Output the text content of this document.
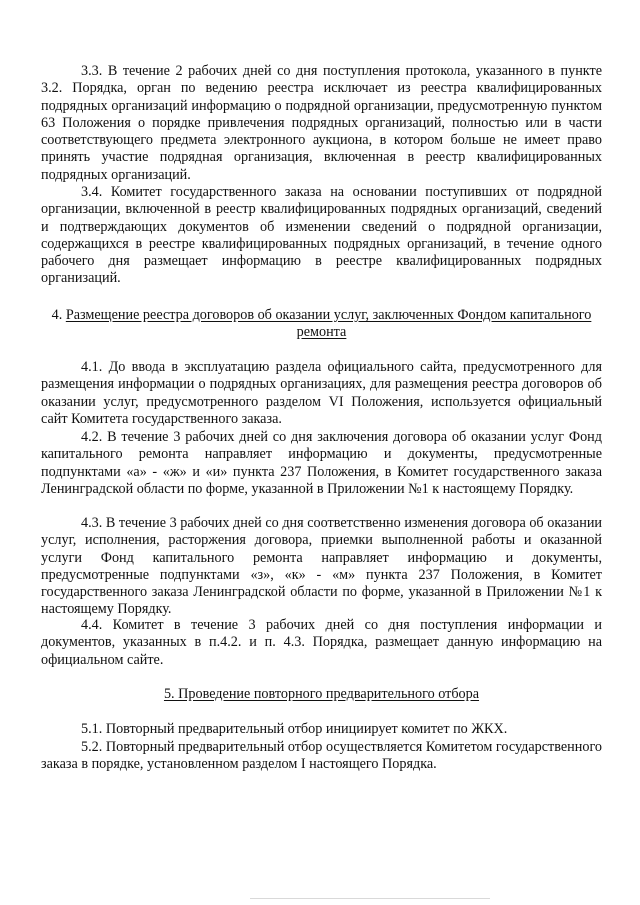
3.3. В течение 2 рабочих дней со дня поступления протокола, указанного в пункте 3.2. Порядка, орган по ведению реестра исключает из реестра квалифицированных подрядных организаций информацию о подрядной организации, предусмотренную пунктом 63 Положения о порядке привлечения подрядных организаций, полностью или в части соответствующего предмета электронного аукциона, в котором больше не имеет право принять участие подрядная организация, включенная в реестр квалифицированных подрядных организаций.

3.4. Комитет государственного заказа на основании поступивших от подрядной организации, включенной в реестр квалифицированных подрядных организаций, сведений и подтверждающих документов об изменении сведений о подрядной организации, содержащихся в реестре квалифицированных подрядных организаций, в течение одного рабочего дня размещает информацию в реестре квалифицированных подрядных организаций.

4. Размещение реестра договоров об оказании услуг, заключенных Фондом капитального ремонта

4.1. До ввода в эксплуатацию раздела официального сайта, предусмотренного для размещения информации о подрядных организациях, для размещения реестра договоров об оказании услуг, предусмотренного разделом VI Положения, используется официальный сайт Комитета государственного заказа.

4.2. В течение 3 рабочих дней со дня заключения договора об оказании услуг Фонд капитального ремонта направляет информацию и документы, предусмотренные подпунктами «а» - «ж» и «и» пункта 237 Положения, в Комитет государственного заказа Ленинградской области по форме, указанной в Приложении №1 к настоящему Порядку.

4.3. В течение 3 рабочих дней со дня соответственно изменения договора об оказании услуг, исполнения, расторжения договора, приемки выполненной работы и оказанной услуги Фонд капитального ремонта направляет информацию и документы, предусмотренные подпунктами «з», «к» - «м» пункта 237 Положения, в Комитет государственного заказа Ленинградской области по форме, указанной в Приложении №1 к настоящему Порядку.

4.4. Комитет в течение 3 рабочих дней со дня поступления информации и документов, указанных в п.4.2. и п. 4.3. Порядка, размещает данную информацию на официальном сайте.

5. Проведение повторного предварительного отбора

5.1. Повторный предварительный отбор инициирует комитет по ЖКХ.

5.2. Повторный предварительный отбор осуществляется Комитетом государственного заказа в порядке, установленном разделом I настоящего Порядка.
